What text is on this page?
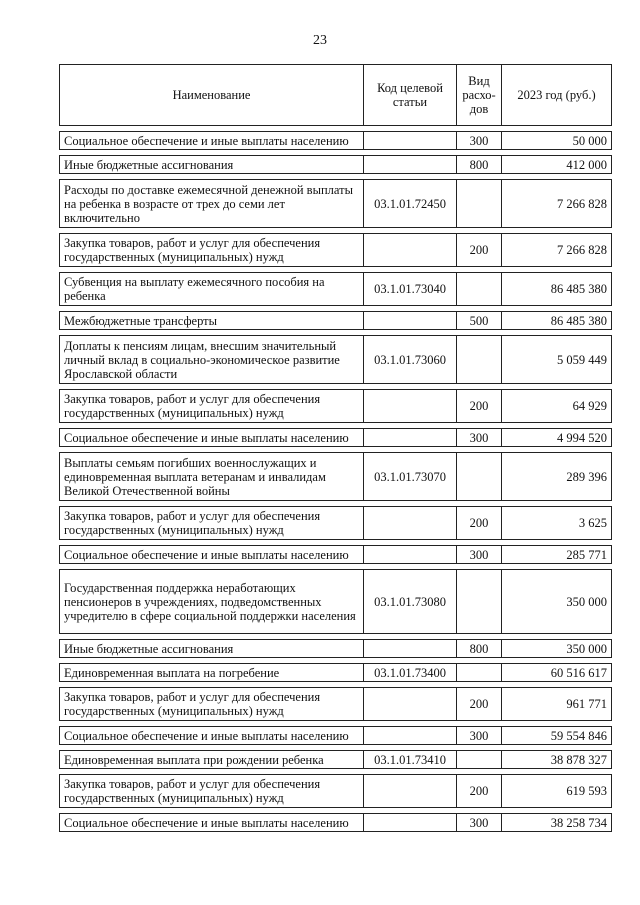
23
Наименование	Код целевой статьи	Вид расхо-дов	2023 год (руб.)

Социальное обеспечение и иные выплаты населению		300	50 000

Иные бюджетные ассигнования		800	412 000

Расходы по доставке ежемесячной денежной выплаты на ребенка в возрасте от трех до семи лет включительно	03.1.01.72450		7 266 828

Закупка товаров, работ и услуг для обеспечения государственных (муниципальных) нужд		200	7 266 828

Субвенция на выплату ежемесячного пособия на ребенка	03.1.01.73040		86 485 380

Межбюджетные трансферты		500	86 485 380

Доплаты к пенсиям лицам, внесшим значительный личный вклад в социально-экономическое развитие Ярославской области	03.1.01.73060		5 059 449

Закупка товаров, работ и услуг для обеспечения государственных (муниципальных) нужд		200	64 929

Социальное обеспечение и иные выплаты населению		300	4 994 520

Выплаты семьям погибших военнослужащих и единовременная выплата ветеранам и инвалидам Великой Отечественной войны	03.1.01.73070		289 396

Закупка товаров, работ и услуг для обеспечения государственных (муниципальных) нужд		200	3 625

Социальное обеспечение и иные выплаты населению		300	285 771

Государственная поддержка неработающих пенсионеров в учреждениях, подведомственных учредителю в сфере социальной поддержки населения	03.1.01.73080		350 000

Иные бюджетные ассигнования		800	350 000

Единовременная выплата на погребение	03.1.01.73400		60 516 617

Закупка товаров, работ и услуг для обеспечения государственных (муниципальных) нужд		200	961 771

Социальное обеспечение и иные выплаты населению		300	59 554 846

Единовременная выплата при рождении ребенка	03.1.01.73410		38 878 327

Закупка товаров, работ и услуг для обеспечения государственных (муниципальных) нужд		200	619 593

Социальное обеспечение и иные выплаты населению		300	38 258 734
